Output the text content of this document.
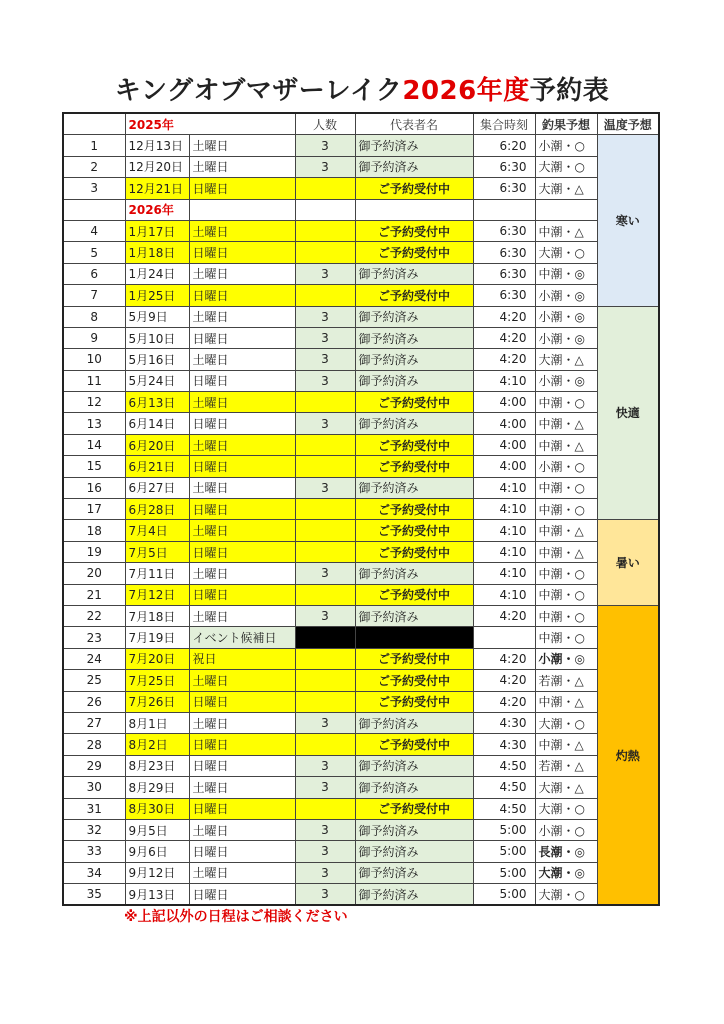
キングオブマザーレイク2026年度予約表
	2025年		人数	代表者名	集合時刻	釣果予想	温度予想
1	12月13日	土曜日	3	御予約済み	6:20	小潮・○	寒い
2	12月20日	土曜日	3	御予約済み	6:30	大潮・○	
3	12月21日	日曜日		ご予約受付中	6:30	大潮・△	
	2026年						
4	1月17日	土曜日		ご予約受付中	6:30	中潮・△	
5	1月18日	日曜日		ご予約受付中	6:30	大潮・○	
6	1月24日	土曜日	3	御予約済み	6:30	中潮・◎	
7	1月25日	日曜日		ご予約受付中	6:30	小潮・◎	
8	5月9日	土曜日	3	御予約済み	4:20	小潮・◎	快適
9	5月10日	日曜日	3	御予約済み	4:20	小潮・◎	
10	5月16日	土曜日	3	御予約済み	4:20	大潮・△	
11	5月24日	日曜日	3	御予約済み	4:10	小潮・◎	
12	6月13日	土曜日		ご予約受付中	4:00	中潮・○	
13	6月14日	日曜日	3	御予約済み	4:00	中潮・△	
14	6月20日	土曜日		ご予約受付中	4:00	中潮・△	
15	6月21日	日曜日		ご予約受付中	4:00	小潮・○	
16	6月27日	土曜日	3	御予約済み	4:10	中潮・○	
17	6月28日	日曜日		ご予約受付中	4:10	中潮・○	
18	7月4日	土曜日		ご予約受付中	4:10	中潮・△	暑い
19	7月5日	日曜日		ご予約受付中	4:10	中潮・△	
20	7月11日	土曜日	3	御予約済み	4:10	中潮・○	
21	7月12日	日曜日		ご予約受付中	4:10	中潮・○	
22	7月18日	土曜日	3	御予約済み	4:20	中潮・○	灼熱
23	7月19日	イベント候補日				中潮・○	
24	7月20日	祝日		ご予約受付中	4:20	小潮・◎	
25	7月25日	土曜日		ご予約受付中	4:20	若潮・△	
26	7月26日	日曜日		ご予約受付中	4:20	中潮・△	
27	8月1日	土曜日	3	御予約済み	4:30	大潮・○	
28	8月2日	日曜日		ご予約受付中	4:30	中潮・△	
29	8月23日	日曜日	3	御予約済み	4:50	若潮・△	
30	8月29日	土曜日	3	御予約済み	4:50	大潮・△	
31	8月30日	日曜日		ご予約受付中	4:50	大潮・○	
32	9月5日	土曜日	3	御予約済み	5:00	小潮・○	
33	9月6日	日曜日	3	御予約済み	5:00	長潮・◎	
34	9月12日	土曜日	3	御予約済み	5:00	大潮・◎	
35	9月13日	日曜日	3	御予約済み	5:00	大潮・○	
※上記以外の日程はご相談ください
